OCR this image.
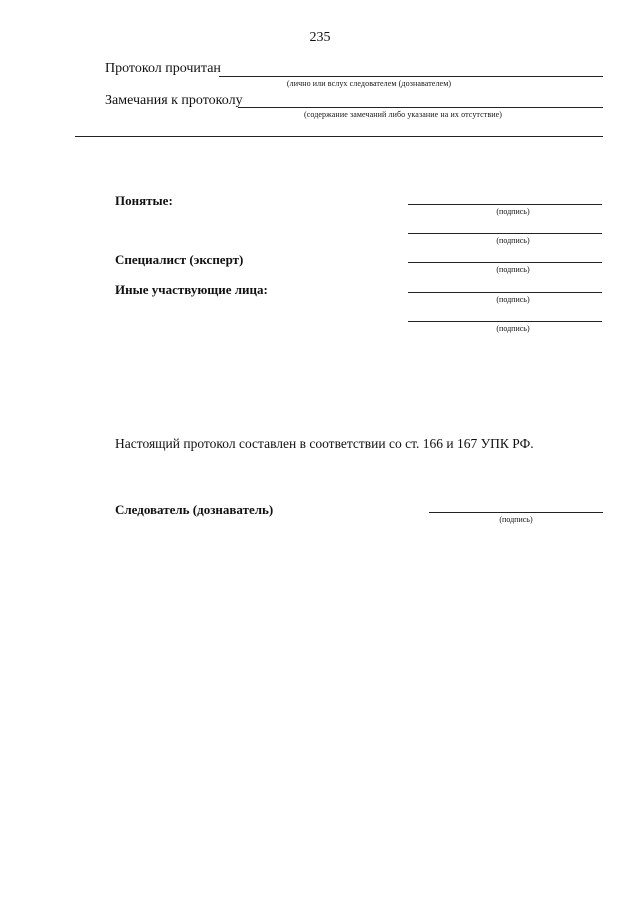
235
Протокол прочитан
(лично или вслух следователем (дознавателем)
Замечания к протоколу
(содержание замечаний либо указание на их отсутствие)
Понятые:
(подпись)
(подпись)
Специалист (эксперт)
(подпись)
Иные участвующие лица:
(подпись)
(подпись)
Настоящий протокол составлен в соответствии со ст. 166 и 167 УПК РФ.
Следователь (дознаватель)
(подпись)
